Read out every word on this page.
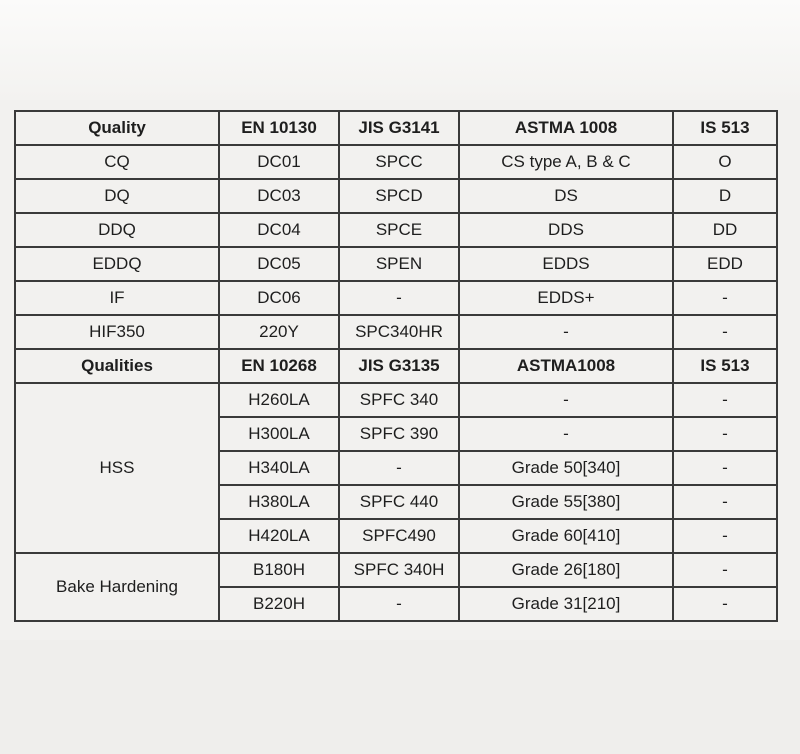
Quality	EN 10130	JIS G3141	ASTMA 1008	IS 513
CQ	DC01	SPCC	CS type A, B & C	O
DQ	DC03	SPCD	DS	D
DDQ	DC04	SPCE	DDS	DD
EDDQ	DC05	SPEN	EDDS	EDD
IF	DC06	-	EDDS+	-
HIF350	220Y	SPC340HR	-	-
Qualities	EN 10268	JIS G3135	ASTMA1008	IS 513
HSS	H260LA	SPFC 340	-	-
	H300LA	SPFC 390	-	-
	H340LA	-	Grade 50[340]	-
	H380LA	SPFC 440	Grade 55[380]	-
	H420LA	SPFC490	Grade 60[410]	-
Bake Hardening	B180H	SPFC 340H	Grade 26[180]	-
	B220H	-	Grade 31[210]	-
